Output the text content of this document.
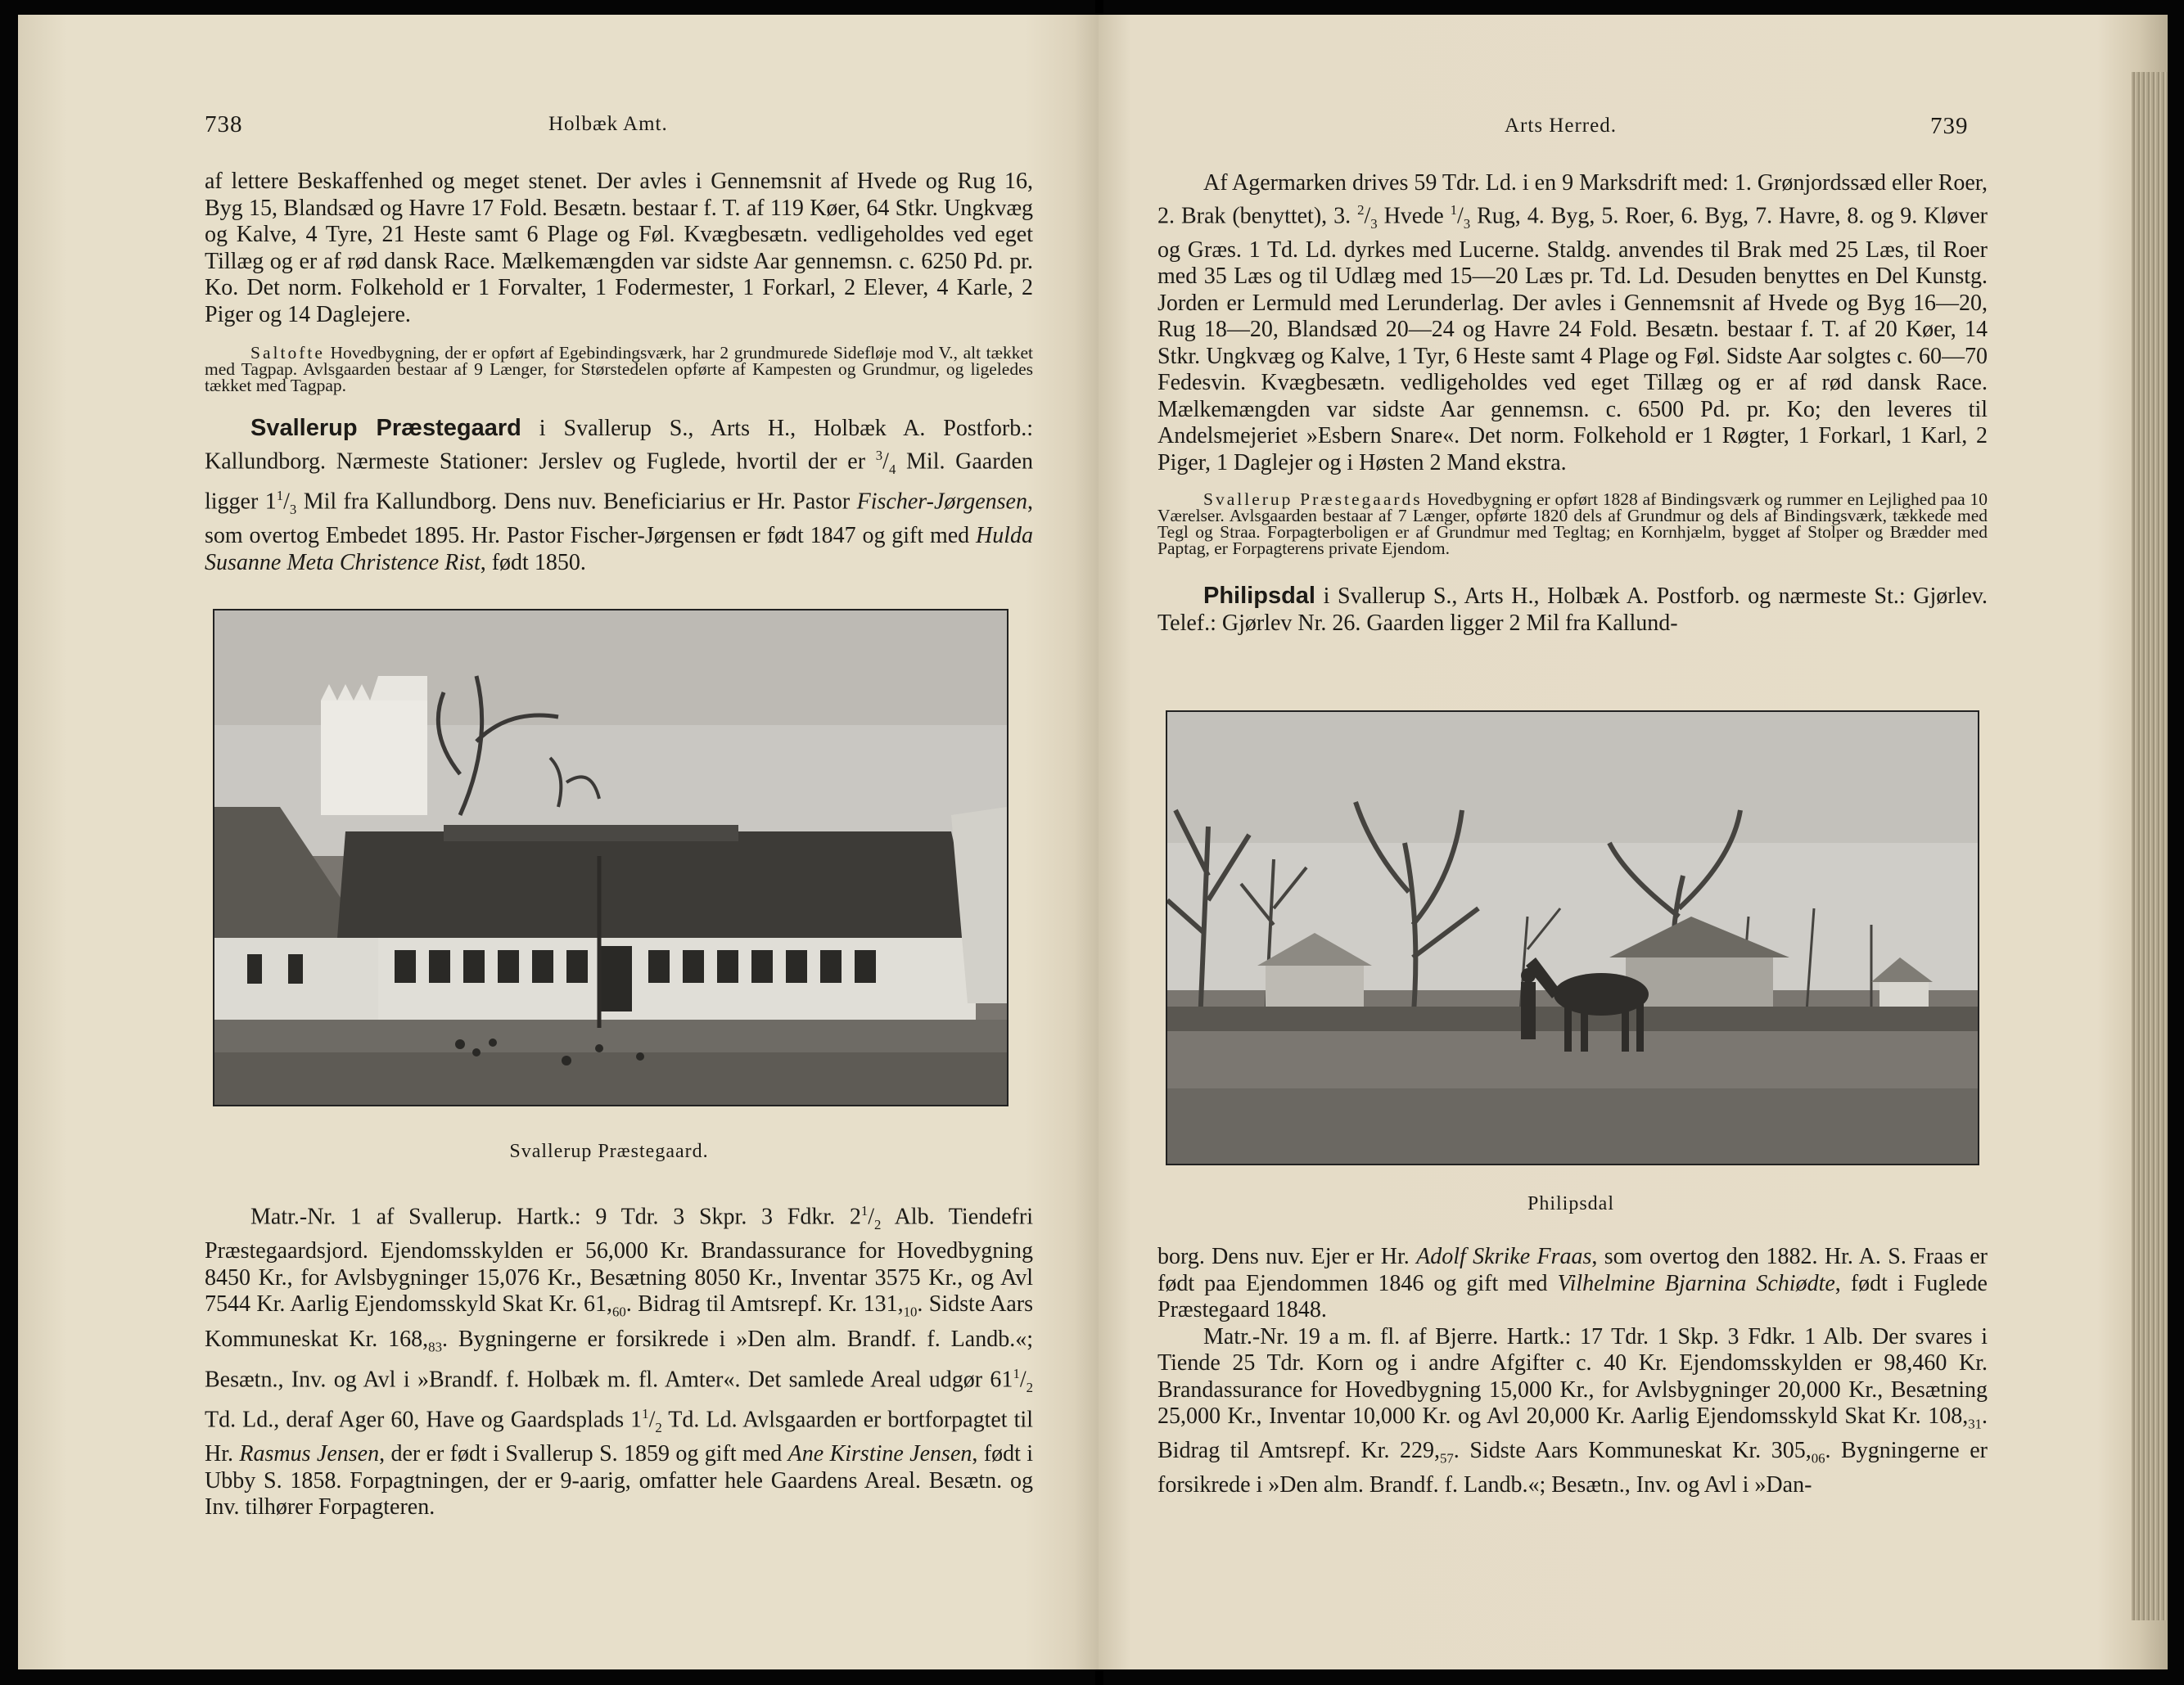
738	Holbæk Amt.

af lettere Beskaffenhed og meget stenet. Der avles i Gennemsnit af Hvede og Rug 16, Byg 15, Blandsæd og Havre 17 Fold. Besætn. bestaar f. T. af 119 Køer, 64 Stkr. Ungkvæg og Kalve, 4 Tyre, 21 Heste samt 6 Plage og Føl. Kvægbesætn. vedligeholdes ved eget Tillæg og er af rød dansk Race. Mælkemængden var sidste Aar gennemsn. c. 6250 Pd. pr. Ko. Det norm. Folkehold er 1 Forvalter, 1 Fodermester, 1 Forkarl, 2 Elever, 4 Karle, 2 Piger og 14 Daglejere.

Saltofte Hovedbygning, der er opført af Egebindingsværk, har 2 grundmurede Sidefløje mod V., alt tækket med Tagpap. Avlsgaarden bestaar af 9 Længer, for Størstedelen opførte af Kampesten og Grundmur, og ligeledes tækket med Tagpap.

Svallerup Præstegaard i Svallerup S., Arts H., Holbæk A. Postforb.: Kallundborg. Nærmeste Stationer: Jerslev og Fuglede, hvortil der er $^3/_4$ Mil. Gaarden ligger $1^1/_3$ Mil fra Kallundborg. Dens nuv. Beneficiarius er Hr. Pastor Fischer-Jørgensen, som overtog Embedet 1895. Hr. Pastor Fischer-Jørgensen er født 1847 og gift med Hulda Susanne Meta Christence Rist, født 1850.

Svallerup Præstegaard.

Matr.-Nr. 1 af Svallerup. Hartk.: 9 Tdr. 3 Skpr. 3 Fdkr. $2^1/_2$ Alb. Tiendefri Præstegaardsjord. Ejendomsskylden er 56,000 Kr. Brandassurance for Hovedbygning 8450 Kr., for Avlsbygninger 15,076 Kr., Besætning 8050 Kr., Inventar 3575 Kr., og Avl 7544 Kr. Aarlig Ejendomsskyld Skat Kr. $61,_{60}$. Bidrag til Amtsrepf. Kr. $131,_{10}$. Sidste Aars Kommuneskat Kr. $168,_{83}$. Bygningerne er forsikrede i »Den alm. Brandf. f. Landb.«; Besætn., Inv. og Avl i »Brandf. f. Holbæk m. fl. Amter«. Det samlede Areal udgør $61^1/_2$ Td. Ld., deraf Ager 60, Have og Gaardsplads $1^1/_2$ Td. Ld. Avlsgaarden er bortforpagtet til Hr. Rasmus Jensen, der er født i Svallerup S. 1859 og gift med Ane Kirstine Jensen, født i Ubby S. 1858. Forpagtningen, der er 9-aarig, omfatter hele Gaardens Areal. Besætn. og Inv. tilhører Forpagteren.

Arts Herred.	739

Af Agermarken drives 59 Tdr. Ld. i en 9 Marksdrift med: 1. Grønjordssæd eller Roer, 2. Brak (benyttet), 3. $^2/_3$ Hvede $^1/_3$ Rug, 4. Byg, 5. Roer, 6. Byg, 7. Havre, 8. og 9. Kløver og Græs. 1 Td. Ld. dyrkes med Lucerne. Staldg. anvendes til Brak med 25 Læs, til Roer med 35 Læs og til Udlæg med 15—20 Læs pr. Td. Ld. Desuden benyttes en Del Kunstg. Jorden er Lermuld med Lerunderlag. Der avles i Gennemsnit af Hvede og Byg 16—20, Rug 18—20, Blandsæd 20—24 og Havre 24 Fold. Besætn. bestaar f. T. af 20 Køer, 14 Stkr. Ungkvæg og Kalve, 1 Tyr, 6 Heste samt 4 Plage og Føl. Sidste Aar solgtes c. 60—70 Fedesvin. Kvægbesætn. vedligeholdes ved eget Tillæg og er af rød dansk Race. Mælkemængden var sidste Aar gennemsn. c. 6500 Pd. pr. Ko; den leveres til Andelsmejeriet »Esbern Snare«. Det norm. Folkehold er 1 Røgter, 1 Forkarl, 1 Karl, 2 Piger, 1 Daglejer og i Høsten 2 Mand ekstra.

Svallerup Præstegaards Hovedbygning er opført 1828 af Bindingsværk og rummer en Lejlighed paa 10 Værelser. Avlsgaarden bestaar af 7 Længer, opførte 1820 dels af Grundmur og dels af Bindingsværk, tækkede med Tegl og Straa. Forpagterboligen er af Grundmur med Tegltag; en Kornhjælm, bygget af Stolper og Brædder med Paptag, er Forpagterens private Ejendom.

Philipsdal i Svallerup S., Arts H., Holbæk A. Postforb. og nærmeste St.: Gjørlev. Telef.: Gjørlev Nr. 26. Gaarden ligger 2 Mil fra Kallund-

Philipsdal

borg. Dens nuv. Ejer er Hr. Adolf Skrike Fraas, som overtog den 1882. Hr. A. S. Fraas er født paa Ejendommen 1846 og gift med Vilhelmine Bjarnina Schiødte, født i Fuglede Præstegaard 1848.

Matr.-Nr. 19 a m. fl. af Bjerre. Hartk.: 17 Tdr. 1 Skp. 3 Fdkr. 1 Alb. Der svares i Tiende 25 Tdr. Korn og i andre Afgifter c. 40 Kr. Ejendomsskylden er 98,460 Kr. Brandassurance for Hovedbygning 15,000 Kr., for Avlsbygninger 20,000 Kr., Besætning 25,000 Kr., Inventar 10,000 Kr. og Avl 20,000 Kr. Aarlig Ejendomsskyld Skat Kr. $108,_{31}$. Bidrag til Amtsrepf. Kr. $229,_{57}$. Sidste Aars Kommuneskat Kr. $305,_{06}$. Bygningerne er forsikrede i »Den alm. Brandf. f. Landb.«; Besætn., Inv. og Avl i »Dan-
